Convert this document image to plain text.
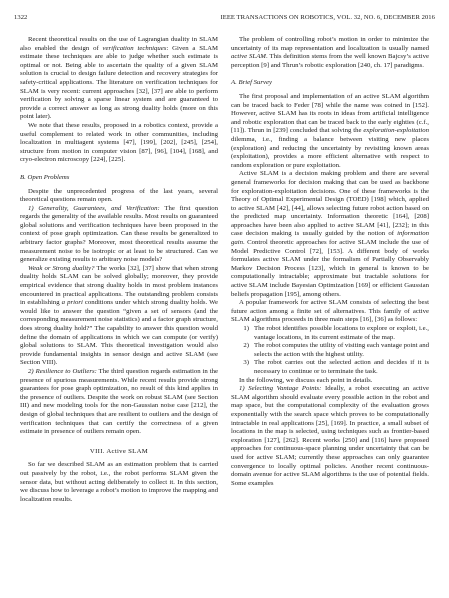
1322	IEEE TRANSACTIONS ON ROBOTICS, VOL. 32, NO. 6, DECEMBER 2016

Recent theoretical results on the use of Lagrangian duality in SLAM also enabled the design of verification techniques: Given a SLAM estimate these techniques are able to judge whether such estimate is optimal or not. Being able to ascertain the quality of a given SLAM solution is crucial to design failure detection and recovery strategies for safety-critical applications. The literature on verification techniques for SLAM is very recent: current approaches [32], [37] are able to perform verification by solving a sparse linear system and are guaranteed to provide a correct answer as long as strong duality holds (more on this point later).

We note that these results, proposed in a robotics context, provide a useful complement to related work in other communities, including localization in multiagent systems [47], [199], [202], [245], [254], structure from motion in computer vision [87], [96], [104], [168], and cryo-electron microscopy [224], [225].

B. Open Problems

Despite the unprecedented progress of the last years, several theoretical questions remain open.

1) Generality, Guarantees, and Verification: The first question regards the generality of the available results. Most results on guaranteed global solutions and verification techniques have been proposed in the context of pose graph optimization. Can these results be generalized to arbitrary factor graphs? Moreover, most theoretical results assume the measurement noise to be isotropic or at least to be structured. Can we generalize existing results to arbitrary noise models?

Weak or Strong duality? The works [32], [37] show that when strong duality holds SLAM can be solved globally; moreover, they provide empirical evidence that strong duality holds in most problem instances encountered in practical applications. The outstanding problem consists in establishing a priori conditions under which strong duality holds. We would like to answer the question “given a set of sensors (and the corresponding measurement noise statistics) and a factor graph structure, does strong duality hold?” The capability to answer this question would define the domain of applications in which we can compute (or verify) global solutions to SLAM. This theoretical investigation would also provide fundamental insights in sensor design and active SLAM (see Section VIII).

2) Resilience to Outliers: The third question regards estimation in the presence of spurious measurements. While recent results provide strong guarantees for pose graph optimization, no result of this kind applies in the presence of outliers. Despite the work on robust SLAM (see Section III) and new modeling tools for the non-Gaussian noise case [212], the design of global techniques that are resilient to outliers and the design of verification techniques that can certify the correctness of a given estimate in presence of outliers remain open.

VIII. Active SLAM

So far we described SLAM as an estimation problem that is carried out passively by the robot, i.e., the robot performs SLAM given the sensor data, but without acting deliberately to collect it. In this section, we discuss how to leverage a robot’s motion to improve the mapping and localization results.

The problem of controlling robot’s motion in order to minimize the uncertainty of its map representation and localization is usually named active SLAM. This definition stems from the well known Bajcsy’s active perception [9] and Thrun’s robotic exploration [240, ch. 17] paradigms.

A. Brief Survey

The first proposal and implementation of an active SLAM algorithm can be traced back to Feder [78] while the name was coined in [152]. However, active SLAM has its roots in ideas from artificial intelligence and robotic exploration that can be traced back to the early eighties (c.f., [11]). Thrun in [239] concluded that solving the exploration-exploitation dilemma, i.e., finding a balance between visiting new places (exploration) and reducing the uncertainty by revisiting known areas (exploitation), provides a more efficient alternative with respect to random exploration or pure exploitation.

Active SLAM is a decision making problem and there are several general frameworks for decision making that can be used as backbone for exploration-exploitation decisions. One of these frameworks is the Theory of Optimal Experimental Design (TOED) [198] which, applied to active SLAM [42], [44], allows selecting future robot action based on the predicted map uncertainty. Information theoretic [164], [208] approaches have been also applied to active SLAM [41], [232]; in this case decision making is usually guided by the notion of information gain. Control theoretic approaches for active SLAM include the use of Model Predictive Control [72], [153]. A different body of works formulates active SLAM under the formalism of Partially Observably Markov Decision Process [123], which in general is known to be computationally intractable; approximate but tractable solutions for active SLAM include Bayesian Optimization [169] or efficient Gaussian beliefs propagation [195], among others.

A popular framework for active SLAM consists of selecting the best future action among a finite set of alternatives. This family of active SLAM algorithms proceeds in three main steps [16], [36] as follows:

1) The robot identifies possible locations to explore or exploit, i.e., vantage locations, in its current estimate of the map.
2) The robot computes the utility of visiting each vantage point and selects the action with the highest utility.
3) The robot carries out the selected action and decides if it is necessary to continue or to terminate the task.

In the following, we discuss each point in details.

1) Selecting Vantage Points: Ideally, a robot executing an active SLAM algorithm should evaluate every possible action in the robot and map space, but the computational complexity of the evaluation grows exponentially with the search space which proves to be computationally intractable in real applications [25], [169]. In practice, a small subset of locations in the map is selected, using techniques such as frontier-based exploration [127], [262]. Recent works [250] and [116] have proposed approaches for continuous-space planning under uncertainty that can be used for active SLAM; currently these approaches can only guarantee convergence to locally optimal policies. Another recent continuous-domain avenue for active SLAM algorithms is the use of potential fields. Some examples
